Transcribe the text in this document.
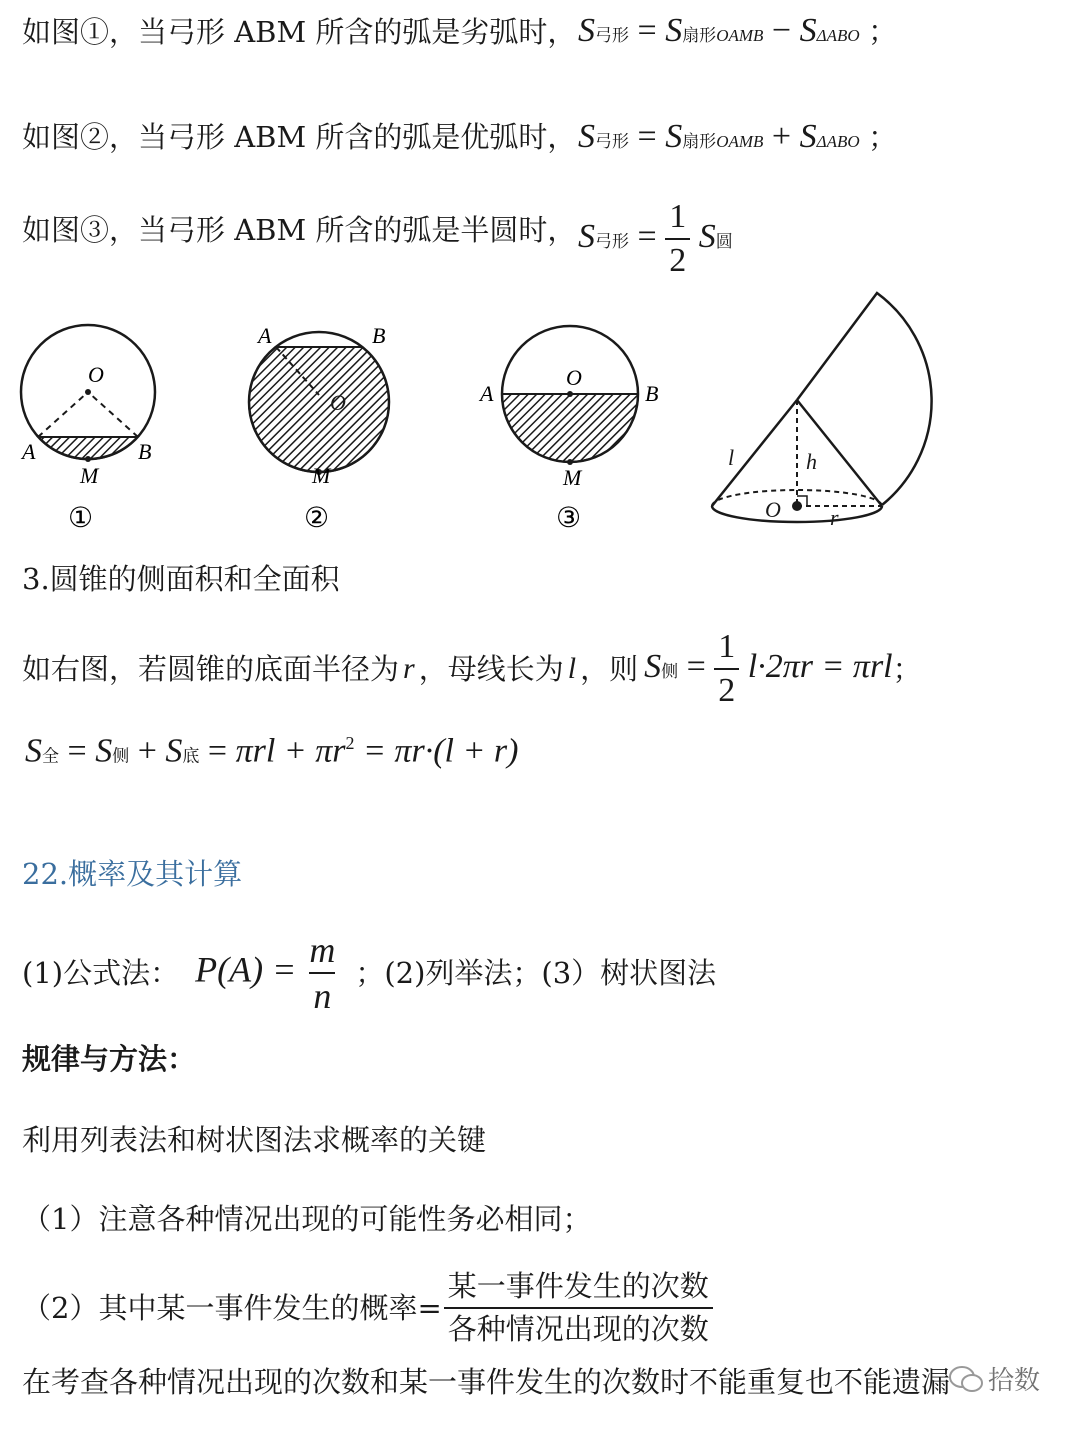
如图①，当弓形 ABM 所含的弧是劣弧时， S弓形 = S扇形OAMB − SΔABO ；
如图②，当弓形 ABM 所含的弧是优弧时， S弓形 = S扇形OAMB + SΔABO ；
如图③，当弓形 ABM 所含的弧是半圆时， S弓形 = $\frac{1}{2}$ S圆
O
A	B
M
①
A	B
O
M
②
O
A	B
M
③
l	h
O r
3.圆锥的侧面积和全面积
如右图，若圆锥的底面半径为 r ，母线长为 l ，则 S侧 = $\frac{1}{2} l\cdot 2\pi r = \pi rl$ ；
S全 = S侧 + S底 = $\pi rl + \pi r^2 = \pi r\cdot(l + r)$
22.概率及其计算
(1)公式法： $P(A) = \frac{m}{n}$ ；(2)列举法；(3）树状图法
规律与方法：
利用列表法和树状图法求概率的关键
（1）注意各种情况出现的可能性务必相同；
（2）其中某一事件发生的概率= $\frac{\text{某一事件发生的次数}}{\text{各种情况出现的次数}}$
在考查各种情况出现的次数和某一事件发生的次数时不能重复也不能遗漏 拾数
